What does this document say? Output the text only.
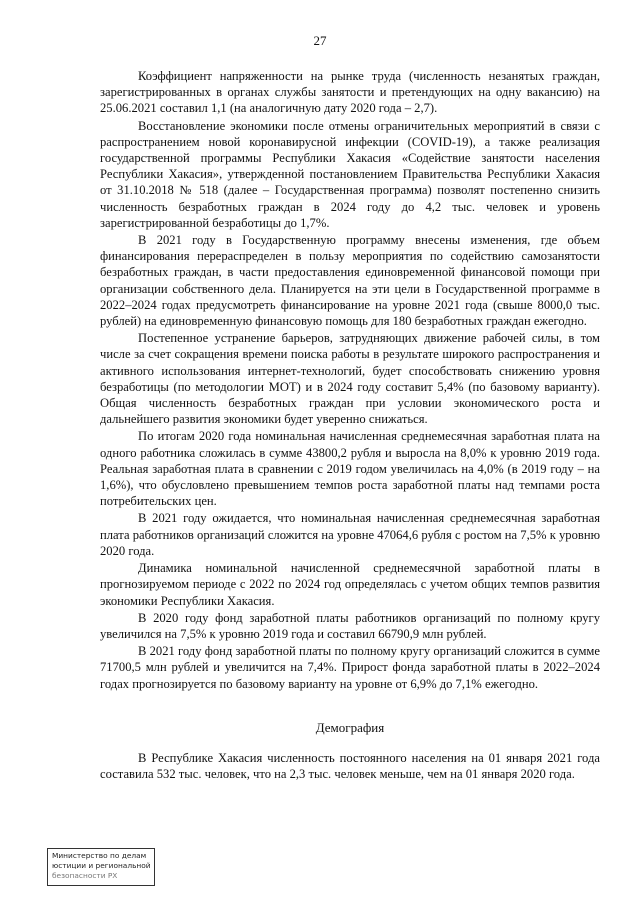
27

Коэффициент напряженности на рынке труда (численность незанятых граждан, зарегистрированных в органах службы занятости и претендующих на одну вакансию) на 25.06.2021 составил 1,1 (на аналогичную дату 2020 года – 2,7).

Восстановление экономики после отмены ограничительных мероприятий в связи с распространением новой коронавирусной инфекции (COVID-19), а также реализация государственной программы Республики Хакасия «Содействие занятости населения Республики Хакасия», утвержденной постановлением Правительства Республики Хакасия от 31.10.2018 № 518 (далее – Государственная программа) позволят постепенно снизить численность безработных граждан в 2024 году до 4,2 тыс. человек и уровень зарегистрированной безработицы до 1,7%.

В 2021 году в Государственную программу внесены изменения, где объем финансирования перераспределен в пользу мероприятия по содействию самозанятости безработных граждан, в части предоставления единовременной финансовой помощи при организации собственного дела. Планируется на эти цели в Государственной программе в 2022–2024 годах предусмотреть финансирование на уровне 2021 года (свыше 8000,0 тыс. рублей) на единовременную финансовую помощь для 180 безработных граждан ежегодно.

Постепенное устранение барьеров, затрудняющих движение рабочей силы, в том числе за счет сокращения времени поиска работы в результате широкого распространения и активного использования интернет-технологий, будет способствовать снижению уровня безработицы (по методологии МОТ) и в 2024 году составит 5,4% (по базовому варианту). Общая численность безработных граждан при условии экономического роста и дальнейшего развития экономики будет уверенно снижаться.

По итогам 2020 года номинальная начисленная среднемесячная заработная плата на одного работника сложилась в сумме 43800,2 рубля и выросла на 8,0% к уровню 2019 года. Реальная заработная плата в сравнении с 2019 годом увеличилась на 4,0% (в 2019 году – на 1,6%), что обусловлено превышением темпов роста заработной платы над темпами роста потребительских цен.

В 2021 году ожидается, что номинальная начисленная среднемесячная заработная плата работников организаций сложится на уровне 47064,6 рубля с ростом на 7,5% к уровню 2020 года.

Динамика номинальной начисленной среднемесячной заработной платы в прогнозируемом периоде с 2022 по 2024 год определялась с учетом общих темпов развития экономики Республики Хакасия.

В 2020 году фонд заработной платы работников организаций по полному кругу увеличился на 7,5% к уровню 2019 года и составил 66790,9 млн рублей.

В 2021 году фонд заработной платы по полному кругу организаций сложится в сумме 71700,5 млн рублей и увеличится на 7,4%. Прирост фонда заработной платы в 2022–2024 годах прогнозируется по базовому варианту на уровне от 6,9% до 7,1% ежегодно.

Демография

В Республике Хакасия численность постоянного населения на 01 января 2021 года составила 532 тыс. человек, что на 2,3 тыс. человек меньше, чем на 01 января 2020 года.

Министерство по делам
юстиции и региональной
безопасности РХ
